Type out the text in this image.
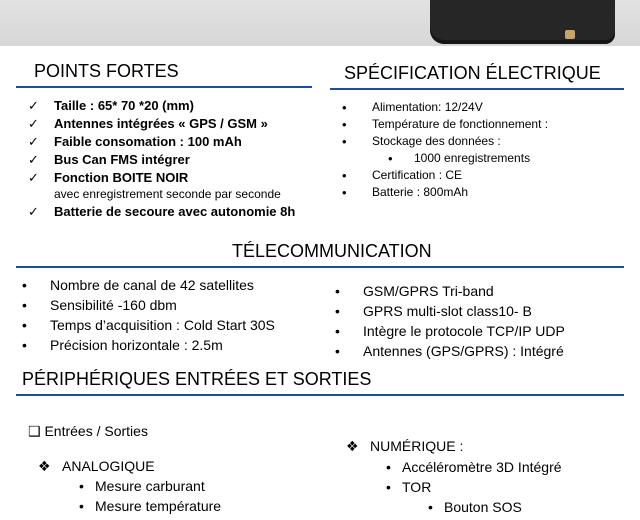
POINTS FORTES
✓ Taille : 65* 70 *20 (mm)
✓ Antennes intégrées « GPS / GSM »
✓ Faible consomation : 100 mAh
✓ Bus Can FMS intégrer
✓ Fonction BOITE NOIR
avec enregistrement seconde par seconde
✓ Batterie de secoure avec autonomie 8h
SPÉCIFICATION ÉLECTRIQUE
• Alimentation: 12/24V
• Température de fonctionnement :
• Stockage des données :
• 1000 enregistrements
• Certification : CE
• Batterie : 800mAh
TÉLECOMMUNICATION
• Nombre de canal de 42 satellites
• Sensibilité -160 dbm
• Temps d’acquisition : Cold Start 30S
• Précision horizontale : 2.5m
• GSM/GPRS Tri-band
• GPRS multi-slot class10- B
• Intègre le protocole TCP/IP UDP
• Antennes (GPS/GPRS) : Intégré
PÉRIPHÉRIQUES ENTRÉES ET SORTIES
❑ Entrées / Sorties
❖ ANALOGIQUE
• Mesure carburant
• Mesure température
❖ NUMÉRIQUE :
• Accéléromètre 3D Intégré
• TOR
• Bouton SOS
